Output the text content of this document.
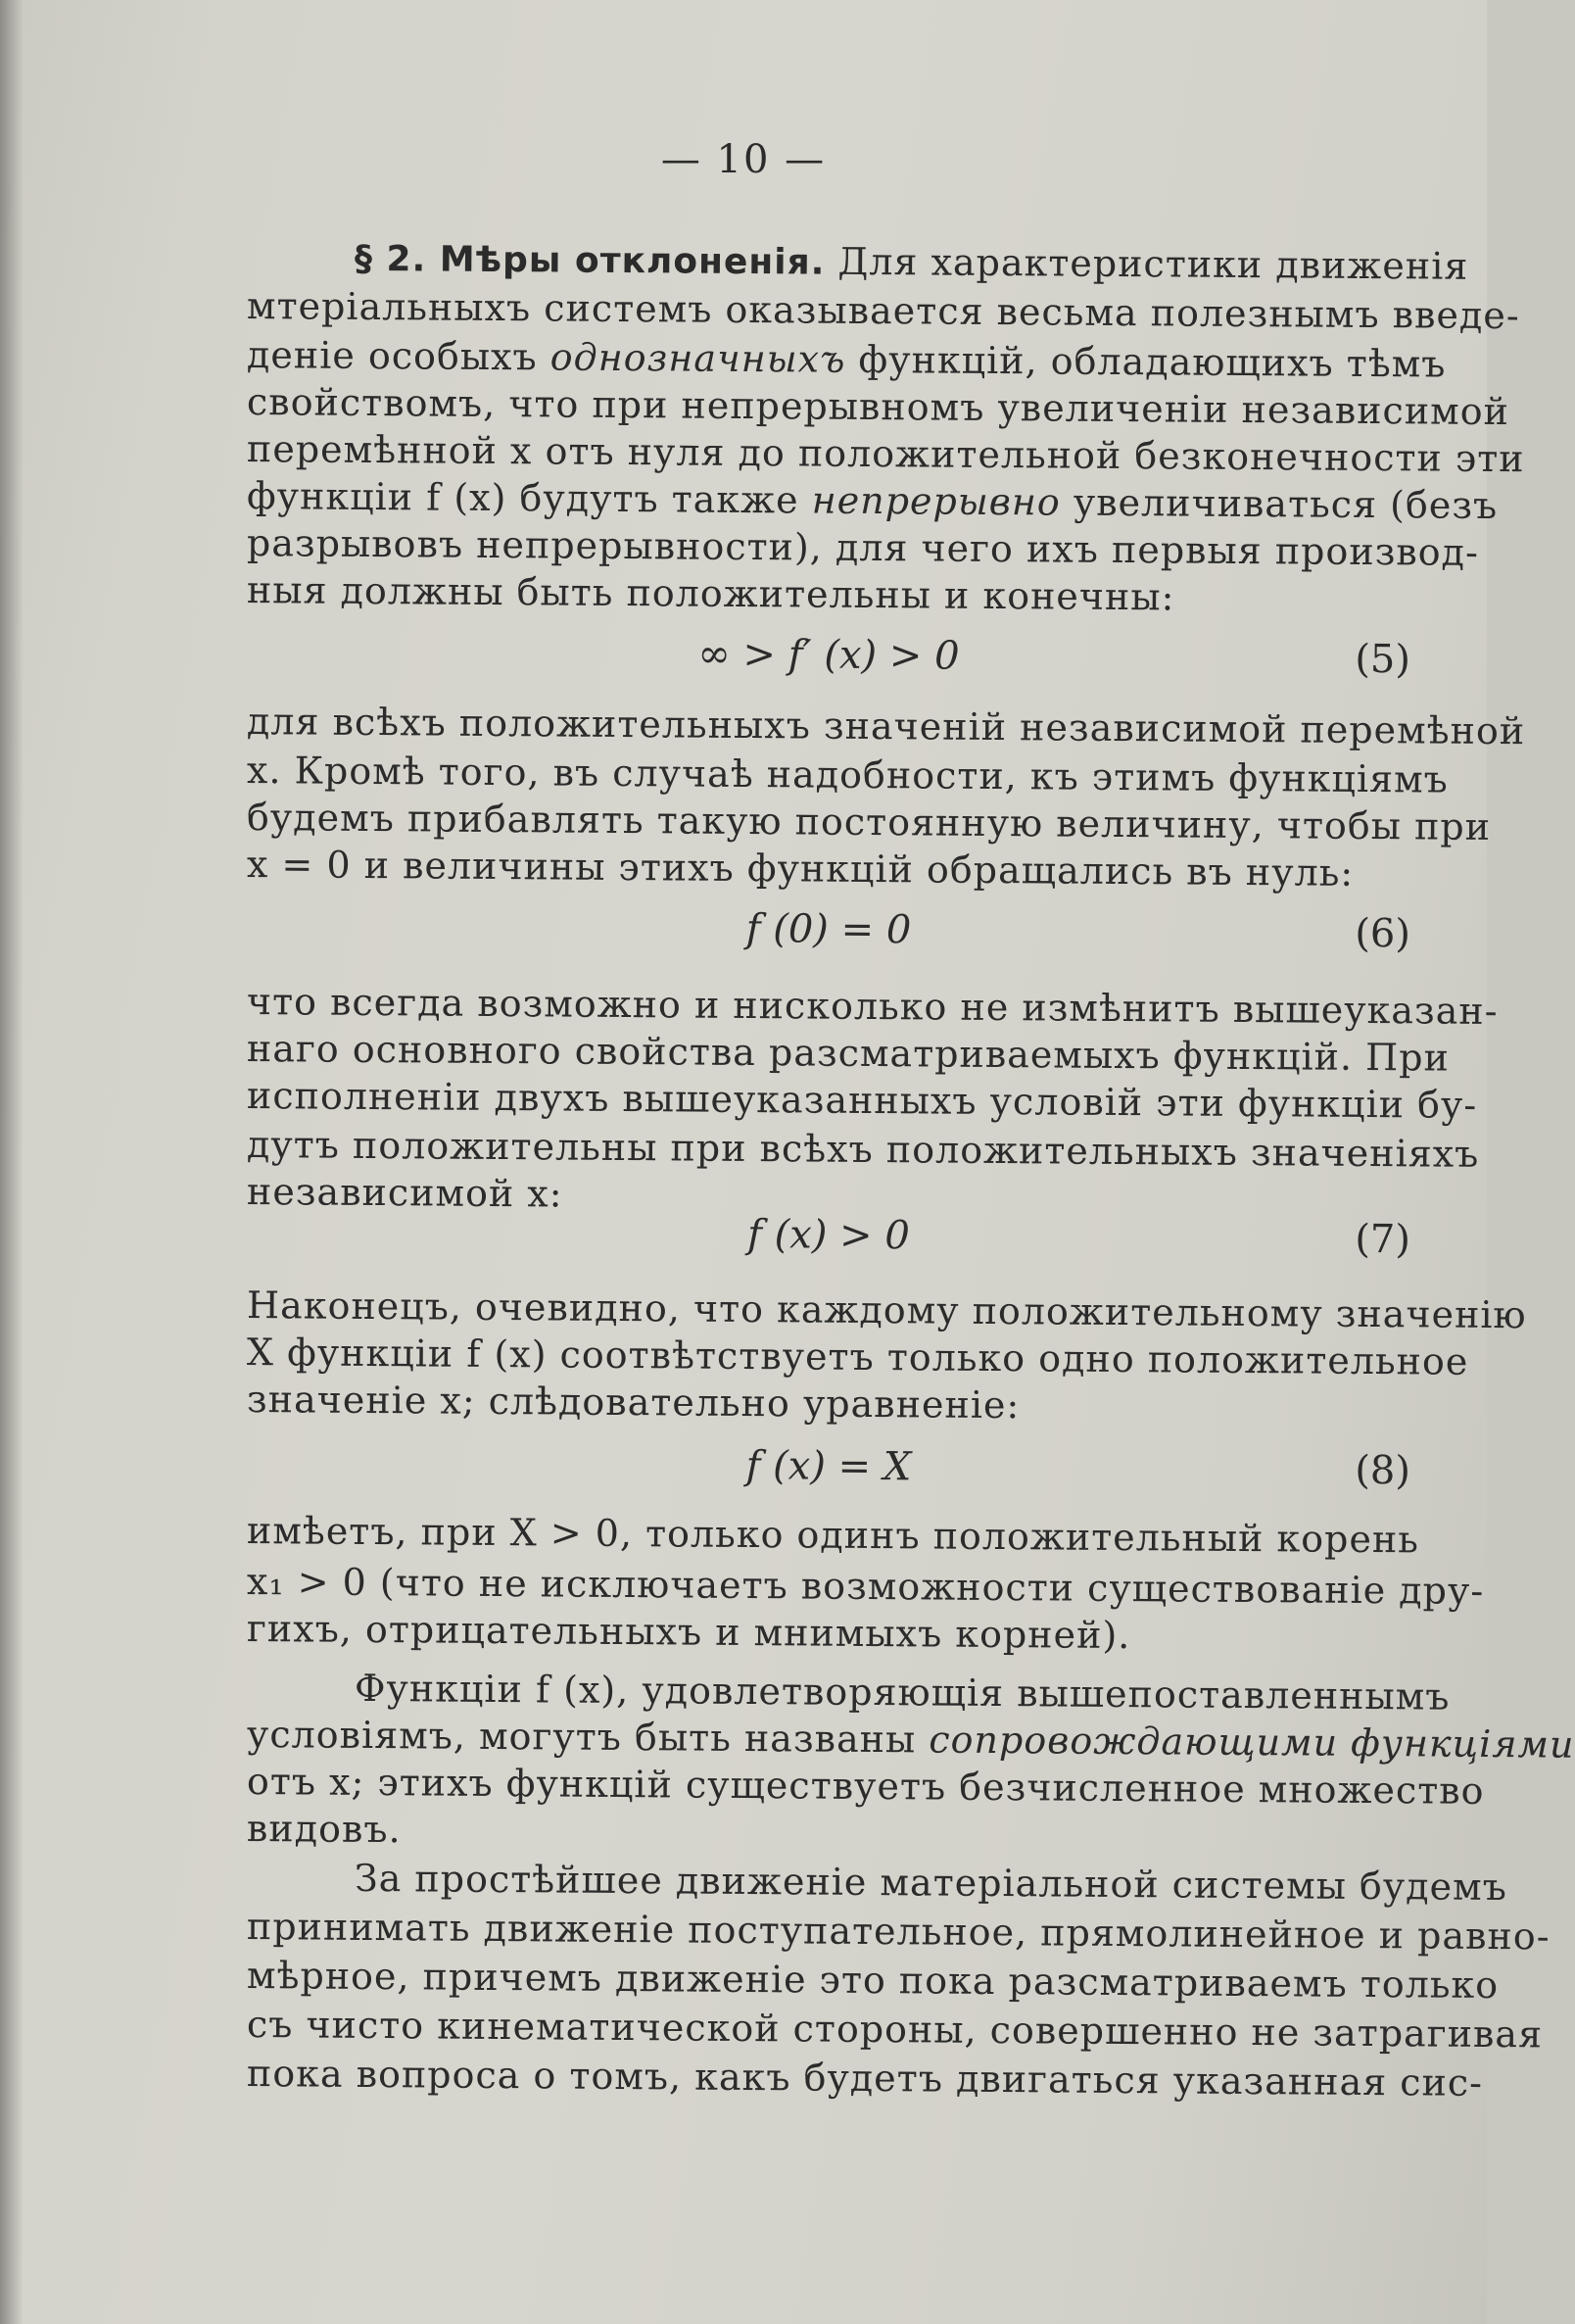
— 10 —
§ 2. Мѣры отклоненія. Для характеристики движенія
мтеріальныхъ системъ оказывается весьма полезнымъ введе-
деніе особыхъ однозначныхъ функцій, обладающихъ тѣмъ
свойствомъ, что при непрерывномъ увеличеніи независимой
перемѣнной x отъ нуля до положительной безконечности эти
функціи f (x) будутъ также непрерывно увеличиваться (безъ
разрывовъ непрерывности), для чего ихъ первыя производ-
ныя должны быть положительны и конечны:
∞ > f′ (x) > 0	(5)
для всѣхъ положительныхъ значеній независимой перемѣной
x. Кромѣ того, въ случаѣ надобности, къ этимъ функціямъ
будемъ прибавлять такую постоянную величину, чтобы при
x = 0 и величины этихъ функцій обращались въ нуль:
f (0) = 0	(6)
что всегда возможно и нисколько не измѣнитъ вышеуказан-
наго основного свойства разсматриваемыхъ функцій. При
исполненіи двухъ вышеуказанныхъ условій эти функціи бу-
дутъ положительны при всѣхъ положительныхъ значеніяхъ
независимой x:
f (x) > 0	(7)
Наконецъ, очевидно, что каждому положительному значенію
X функціи f (x) соотвѣтствуетъ только одно положительное
значеніе x; слѣдовательно уравненіе:
f (x) = X	(8)
имѣетъ, при X > 0, только одинъ положительный корень
x₁ > 0 (что не исключаетъ возможности существованіе дру-
гихъ, отрицательныхъ и мнимыхъ корней).
Функціи f (x), удовлетворяющія вышепоставленнымъ
условіямъ, могутъ быть названы сопровождающими функціями
отъ x; этихъ функцій существуетъ безчисленное множество
видовъ.
За простѣйшее движеніе матеріальной системы будемъ
принимать движеніе поступательное, прямолинейное и равно-
мѣрное, причемъ движеніе это пока разсматриваемъ только
съ чисто кинематической стороны, совершенно не затрагивая
пока вопроса о томъ, какъ будетъ двигаться указанная сис-
